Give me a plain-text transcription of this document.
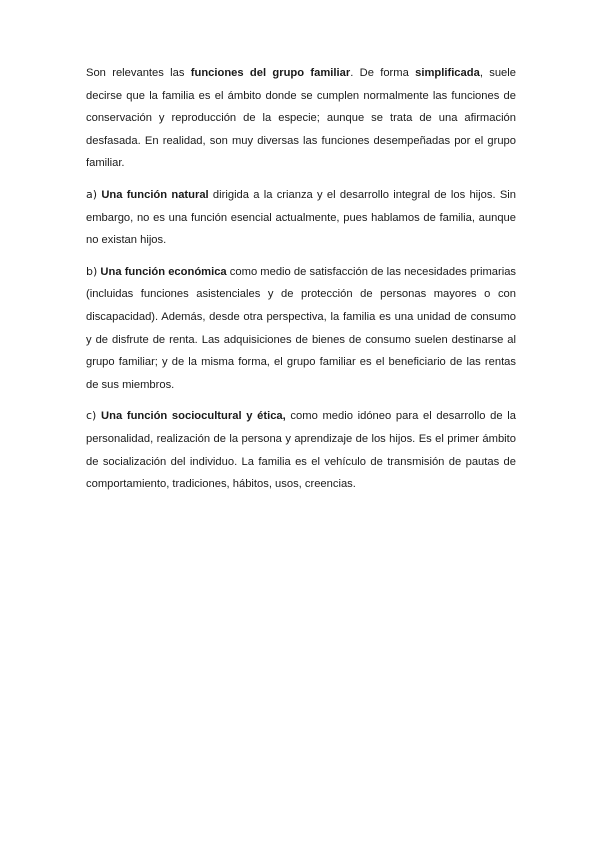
Son relevantes las funciones del grupo familiar. De forma simplificada, suele decirse que la familia es el ámbito donde se cumplen normalmente las funciones de conservación y reproducción de la especie; aunque se trata de una afirmación desfasada. En realidad, son muy diversas las funciones desempeñadas por el grupo familiar.

a) Una función natural dirigida a la crianza y el desarrollo integral de los hijos. Sin embargo, no es una función esencial actualmente, pues hablamos de familia, aunque no existan hijos.

b) Una función económica como medio de satisfacción de las necesidades primarias (incluidas funciones asistenciales y de protección de personas mayores o con discapacidad). Además, desde otra perspectiva, la familia es una unidad de consumo y de disfrute de renta. Las adquisiciones de bienes de consumo suelen destinarse al grupo familiar; y de la misma forma, el grupo familiar es el beneficiario de las rentas de sus miembros.

c) Una función sociocultural y ética, como medio idóneo para el desarrollo de la personalidad, realización de la persona y aprendizaje de los hijos. Es el primer ámbito de socialización del individuo. La familia es el vehículo de transmisión de pautas de comportamiento, tradiciones, hábitos, usos, creencias.
